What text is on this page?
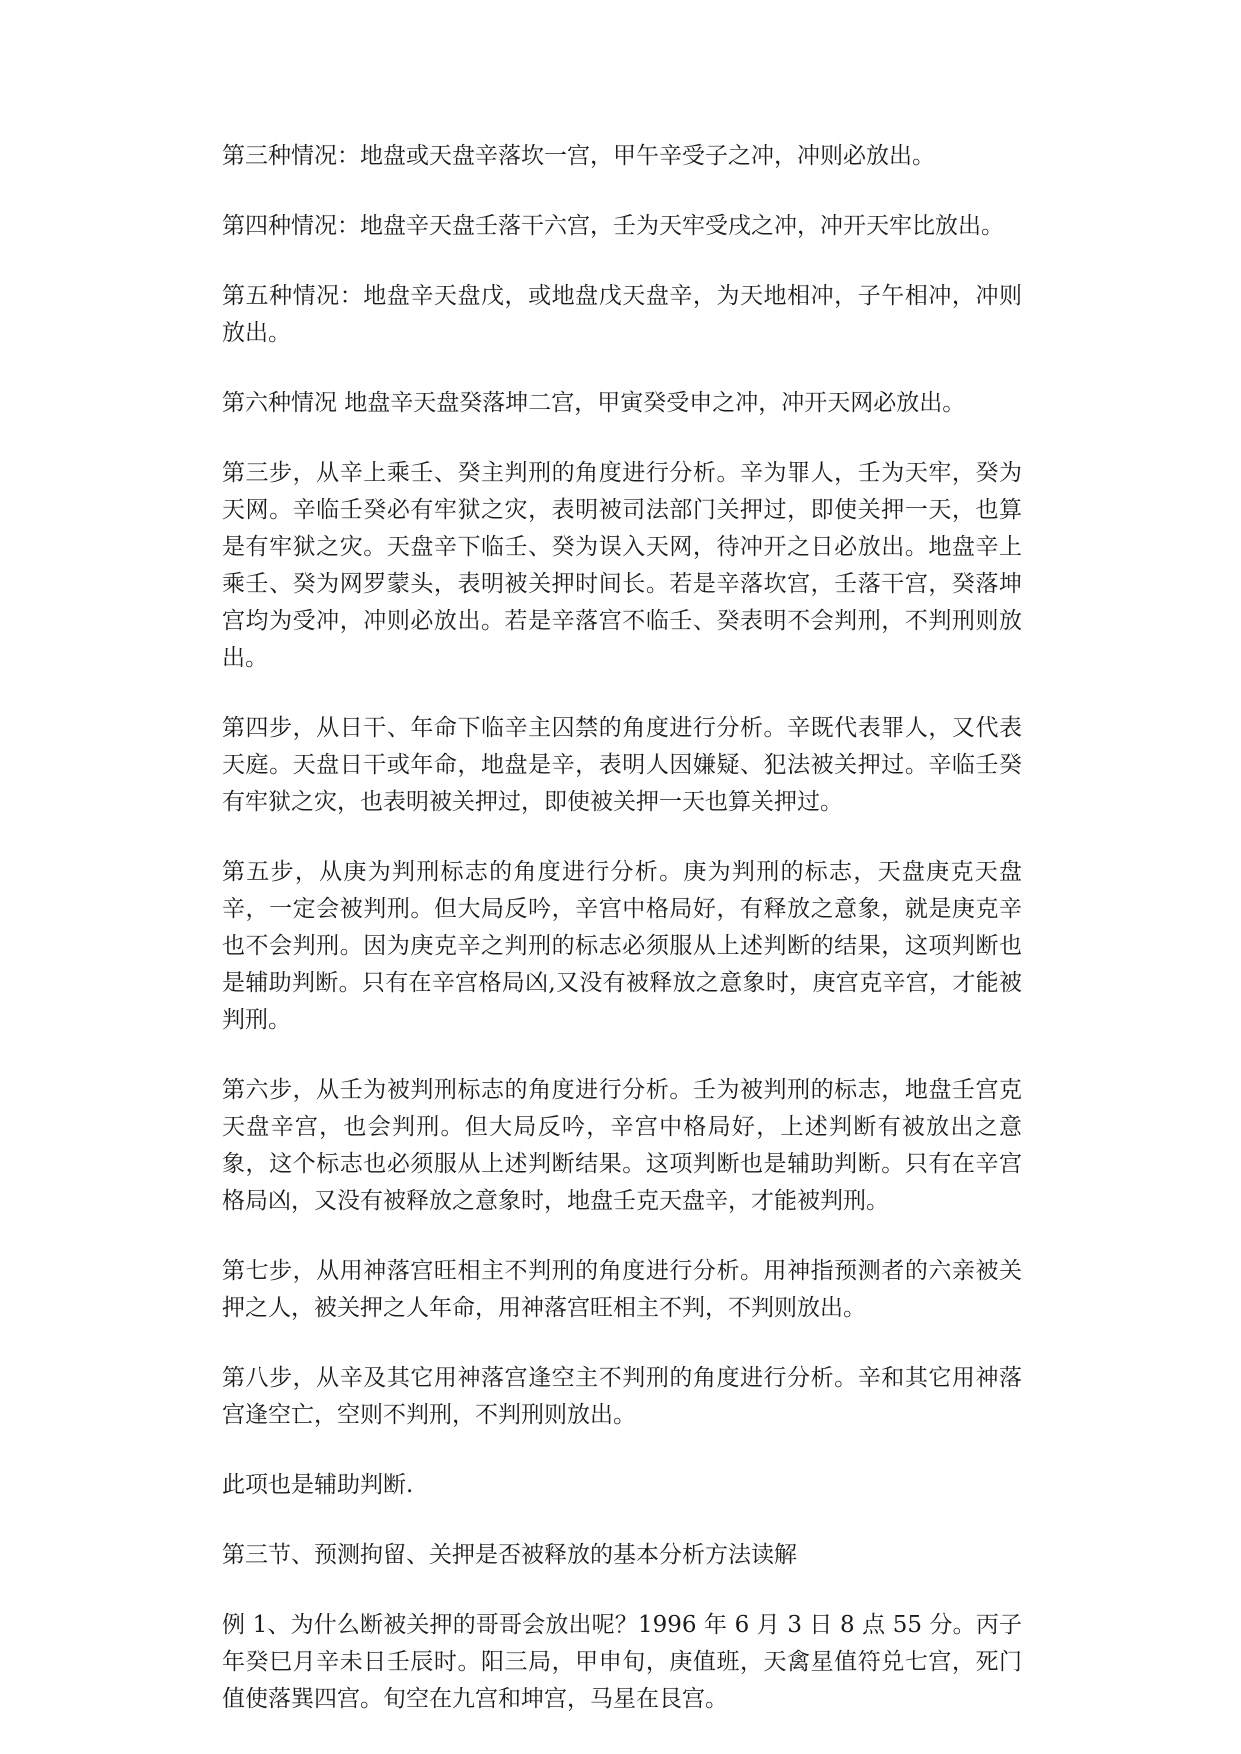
第三种情况：地盘或天盘辛落坎一宫，甲午辛受子之冲，冲则必放出。

第四种情况：地盘辛天盘壬落干六宫，壬为天牢受戌之冲，冲开天牢比放出。

第五种情况：地盘辛天盘戊，或地盘戊天盘辛，为天地相冲，子午相冲，冲则放出。

第六种情况 地盘辛天盘癸落坤二宫，甲寅癸受申之冲，冲开天网必放出。

第三步，从辛上乘壬、癸主判刑的角度进行分析。辛为罪人，壬为天牢，癸为天网。辛临壬癸必有牢狱之灾，表明被司法部门关押过，即使关押一天，也算是有牢狱之灾。天盘辛下临壬、癸为误入天网，待冲开之日必放出。地盘辛上乘壬、癸为网罗蒙头，表明被关押时间长。若是辛落坎宫，壬落干宫，癸落坤宫均为受冲，冲则必放出。若是辛落宫不临壬、癸表明不会判刑，不判刑则放出。

第四步，从日干、年命下临辛主囚禁的角度进行分析。辛既代表罪人，又代表天庭。天盘日干或年命，地盘是辛，表明人因嫌疑、犯法被关押过。辛临壬癸有牢狱之灾，也表明被关押过，即使被关押一天也算关押过。

第五步，从庚为判刑标志的角度进行分析。庚为判刑的标志，天盘庚克天盘辛，一定会被判刑。但大局反吟，辛宫中格局好，有释放之意象，就是庚克辛也不会判刑。因为庚克辛之判刑的标志必须服从上述判断的结果，这项判断也是辅助判断。只有在辛宫格局凶,又没有被释放之意象时，庚宫克辛宫，才能被判刑。

第六步，从壬为被判刑标志的角度进行分析。壬为被判刑的标志，地盘壬宫克天盘辛宫，也会判刑。但大局反吟，辛宫中格局好，上述判断有被放出之意象，这个标志也必须服从上述判断结果。这项判断也是辅助判断。只有在辛宫格局凶，又没有被释放之意象时，地盘壬克天盘辛，才能被判刑。

第七步，从用神落宫旺相主不判刑的角度进行分析。用神指预测者的六亲被关押之人，被关押之人年命，用神落宫旺相主不判，不判则放出。

第八步，从辛及其它用神落宫逢空主不判刑的角度进行分析。辛和其它用神落宫逢空亡，空则不判刑，不判刑则放出。

此项也是辅助判断.

第三节、预测拘留、关押是否被释放的基本分析方法读解

例 1、为什么断被关押的哥哥会放出呢？1996 年 6 月 3 日 8 点 55 分。丙子年癸巳月辛未日壬辰时。阳三局，甲申旬，庚值班，天禽星值符兑七宫，死门值使落巽四宫。旬空在九宫和坤宫，马星在艮宫。
